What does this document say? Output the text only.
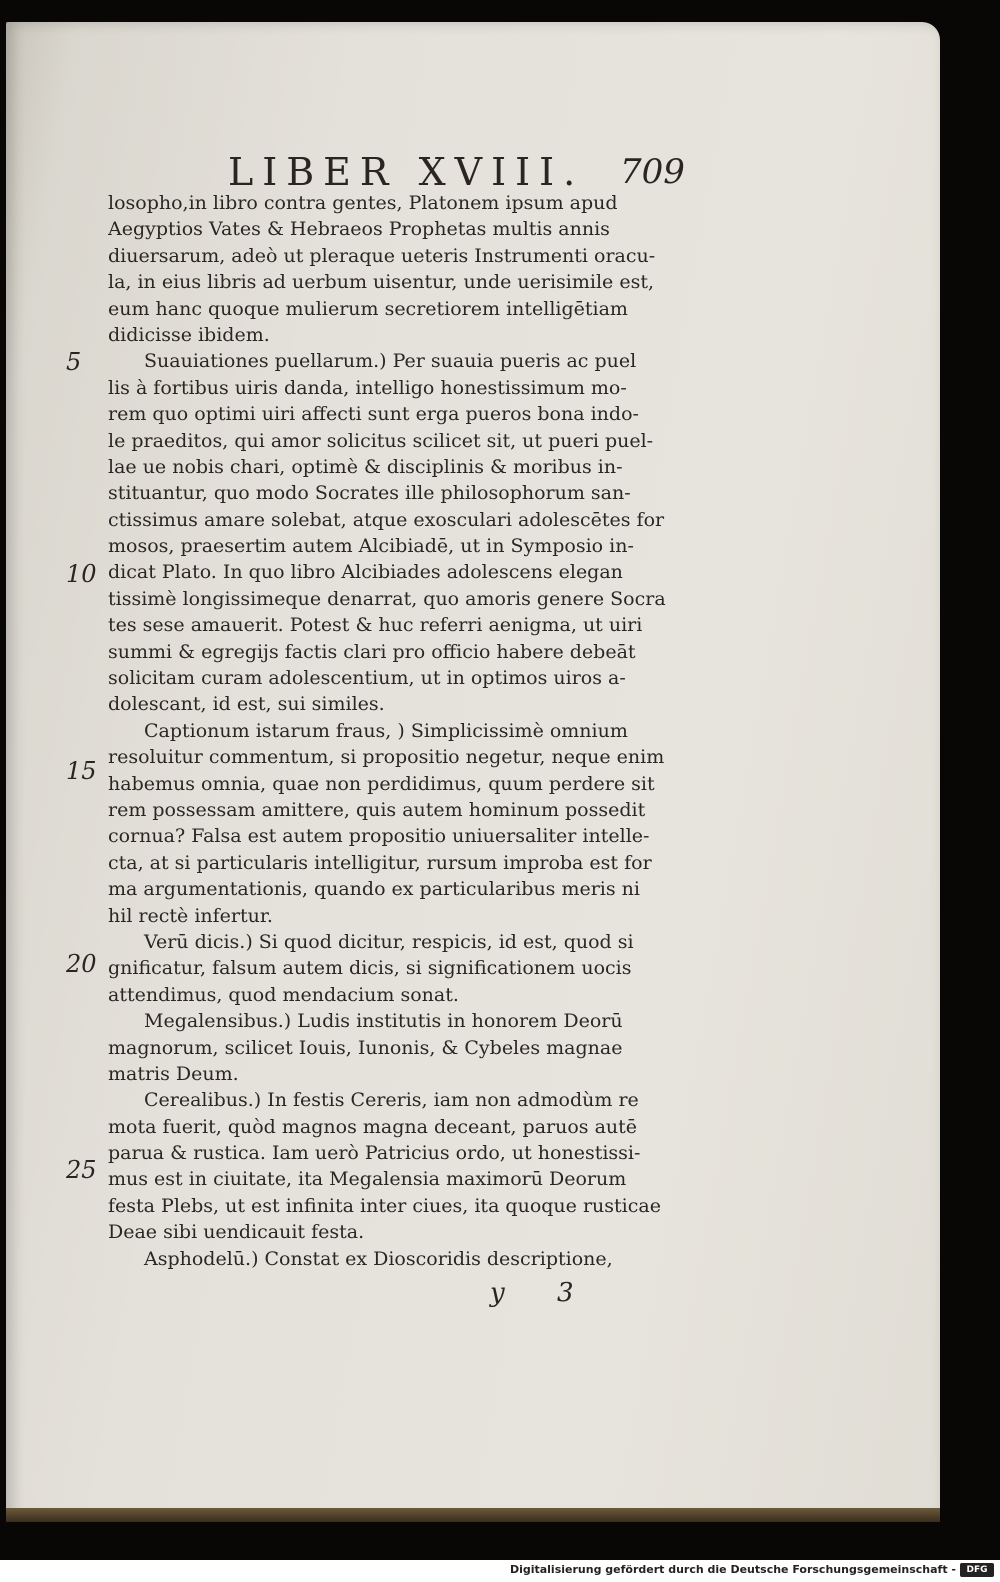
LIBER XVIII. 709
losopho,in libro contra gentes, Platonem ipsum apud
Aegyptios Vates & Hebraeos Prophetas multis annis
diuersarum, adeò ut pleraque ueteris Instrumenti oracu-
la, in eius libris ad uerbum uisentur, unde uerisimile est,
eum hanc quoque mulierum secretiorem intelligētiam
didicisse ibidem.
Suauiationes puellarum.) Per suauia pueris ac puel
lis à fortibus uiris danda, intelligo honestissimum mo-
rem quo optimi uiri affecti sunt erga pueros bona indo-
le praeditos, qui amor solicitus scilicet sit, ut pueri puel-
lae ue nobis chari, optimè & disciplinis & moribus in-
stituantur, quo modo Socrates ille philosophorum san-
ctissimus amare solebat, atque exosculari adolescētes for
mosos, praesertim autem Alcibiadē, ut in Symposio in-
dicat Plato. In quo libro Alcibiades adolescens elegan
tissimè longissimeque denarrat, quo amoris genere Socra
tes sese amauerit. Potest & huc referri aenigma, ut uiri
summi & egregijs factis clari pro officio habere debeāt
solicitam curam adolescentium, ut in optimos uiros a-
dolescant, id est, sui similes.
Captionum istarum fraus, ) Simplicissimè omnium
resoluitur commentum, si propositio negetur, neque enim
habemus omnia, quae non perdidimus, quum perdere sit
rem possessam amittere, quis autem hominum possedit
cornua? Falsa est autem propositio uniuersaliter intelle-
cta, at si particularis intelligitur, rursum improba est for
ma argumentationis, quando ex particularibus meris ni
hil rectè infertur.
Verū dicis.) Si quod dicitur, respicis, id est, quod si
gnificatur, falsum autem dicis, si significationem uocis
attendimus, quod mendacium sonat.
Megalensibus.) Ludis institutis in honorem Deorū
magnorum, scilicet Iouis, Iunonis, & Cybeles magnae
matris Deum.
Cerealibus.) In festis Cereris, iam non admodùm re
mota fuerit, quòd magnos magna deceant, paruos autē
parua & rustica. Iam uerò Patricius ordo, ut honestissi-
mus est in ciuitate, ita Megalensia maximorū Deorum
festa Plebs, ut est infinita inter ciues, ita quoque rusticae
Deae sibi uendicauit festa.
Asphodelū.) Constat ex Dioscoridis descriptione,
5
10
15
20
25
y 3
Digitalisierung gefördert durch die Deutsche Forschungsgemeinschaft -	DFG
